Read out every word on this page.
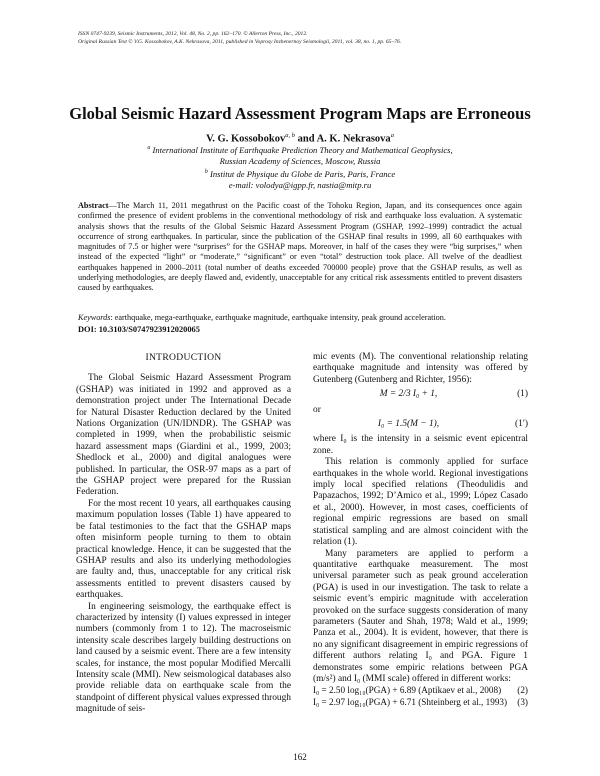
ISSN 0747-9239, Seismic Instruments, 2012, Vol. 48, No. 2, pp. 162–170. © Allerton Press, Inc., 2012.
Original Russian Text © V.G. Kossobokov, A.K. Nekrasova, 2011, published in Voprosy Inzhenernoy Seismologii, 2011, vol. 38, no. 1, pp. 65–76.
Global Seismic Hazard Assessment Program Maps are Erroneous
V. G. Kossobokov$^{a, b}$ and A. K. Nekrasova$^a$
$^a$ International Institute of Earthquake Prediction Theory and Mathematical Geophysics,
Russian Academy of Sciences, Moscow, Russia
$^b$ Institut de Physique du Globe de Paris, Paris, France
e-mail: volodya@igpp.fr, nastia@mitp.ru
Abstract—The March 11, 2011 megathrust on the Pacific coast of the Tohoku Region, Japan, and its consequences once again confirmed the presence of evident problems in the conventional methodology of risk and earthquake loss evaluation. A systematic analysis shows that the results of the Global Seismic Hazard Assessment Program (GSHAP, 1992–1999) contradict the actual occurrence of strong earthquakes. In particular, since the publication of the GSHAP final results in 1999, all 60 earthquakes with magnitudes of 7.5 or higher were “surprises” for the GSHAP maps. Moreover, in half of the cases they were “big surprises,” when instead of the expected “light” or “moderate,” “significant” or even “total” destruction took place. All twelve of the deadliest earthquakes happened in 2000–2011 (total number of deaths exceeded 700000 people) prove that the GSHAP results, as well as underlying methodologies, are deeply flawed and, evidently, unacceptable for any critical risk assessments entitled to prevent disasters caused by earthquakes.
Keywords: earthquake, mega-earthquake, earthquake magnitude, earthquake intensity, peak ground acceleration.
DOI: 10.3103/S0747923912020065
INTRODUCTION

The Global Seismic Hazard Assessment Program (GSHAP) was initiated in 1992 and approved as a demonstration project under The International Decade for Natural Disaster Reduction declared by the United Nations Organization (UN/IDNDR). The GSHAP was completed in 1999, when the probabilistic seismic hazard assessment maps (Giardini et al., 1999, 2003; Shedlock et al., 2000) and digital analogues were published. In particular, the OSR-97 maps as a part of the GSHAP project were prepared for the Russian Federation.

For the most recent 10 years, all earthquakes causing maximum population losses (Table 1) have appeared to be fatal testimonies to the fact that the GSHAP maps often misinform people turning to them to obtain practical knowledge. Hence, it can be suggested that the GSHAP results and also its underlying methodologies are faulty and, thus, unacceptable for any critical risk assessments entitled to prevent disasters caused by earthquakes.

In engineering seismology, the earthquake effect is characterized by intensity (I) values expressed in integer numbers (commonly from 1 to 12). The macroseismic intensity scale describes largely building destructions on land caused by a seismic event. There are a few intensity scales, for instance, the most popular Modified Mercalli Intensity scale (MMI). New seismological databases also provide reliable data on earthquake scale from the standpoint of different physical values expressed through magnitude of seis-

mic events (M). The conventional relationship relating earthquake magnitude and intensity was offered by Gutenberg (Gutenberg and Richter, 1956):

M = 2/3 I₀ + 1,	(1)

or

I₀ = 1.5(M − 1),	(1′)

where I₀ is the intensity in a seismic event epicentral zone.

This relation is commonly applied for surface earthquakes in the whole world. Regional investigations imply local specified relations (Theodulidis and Papazachos, 1992; D’Amico et al., 1999; López Casado et al., 2000). However, in most cases, coefficients of regional empiric regressions are based on small statistical sampling and are almost coincident with the relation (1).

Many parameters are applied to perform a quantitative earthquake measurement. The most universal parameter such as peak ground acceleration (PGA) is used in our investigation. The task to relate a seismic event’s empiric magnitude with acceleration provoked on the surface suggests consideration of many parameters (Sauter and Shah, 1978; Wald et al., 1999; Panza et al., 2004). It is evident, however, that there is no any significant disagreement in empiric regressions of different authors relating I₀ and PGA. Figure 1 demonstrates some empiric relations between PGA (m/s²) and I₀ (MMI scale) offered in different works:

I₀ = 2.50 log₁₀(PGA) + 6.89 (Aptikaev et al., 2008)	(2)
I₀ = 2.97 log₁₀(PGA) + 6.71 (Shteinberg et al., 1993)	(3)
162
